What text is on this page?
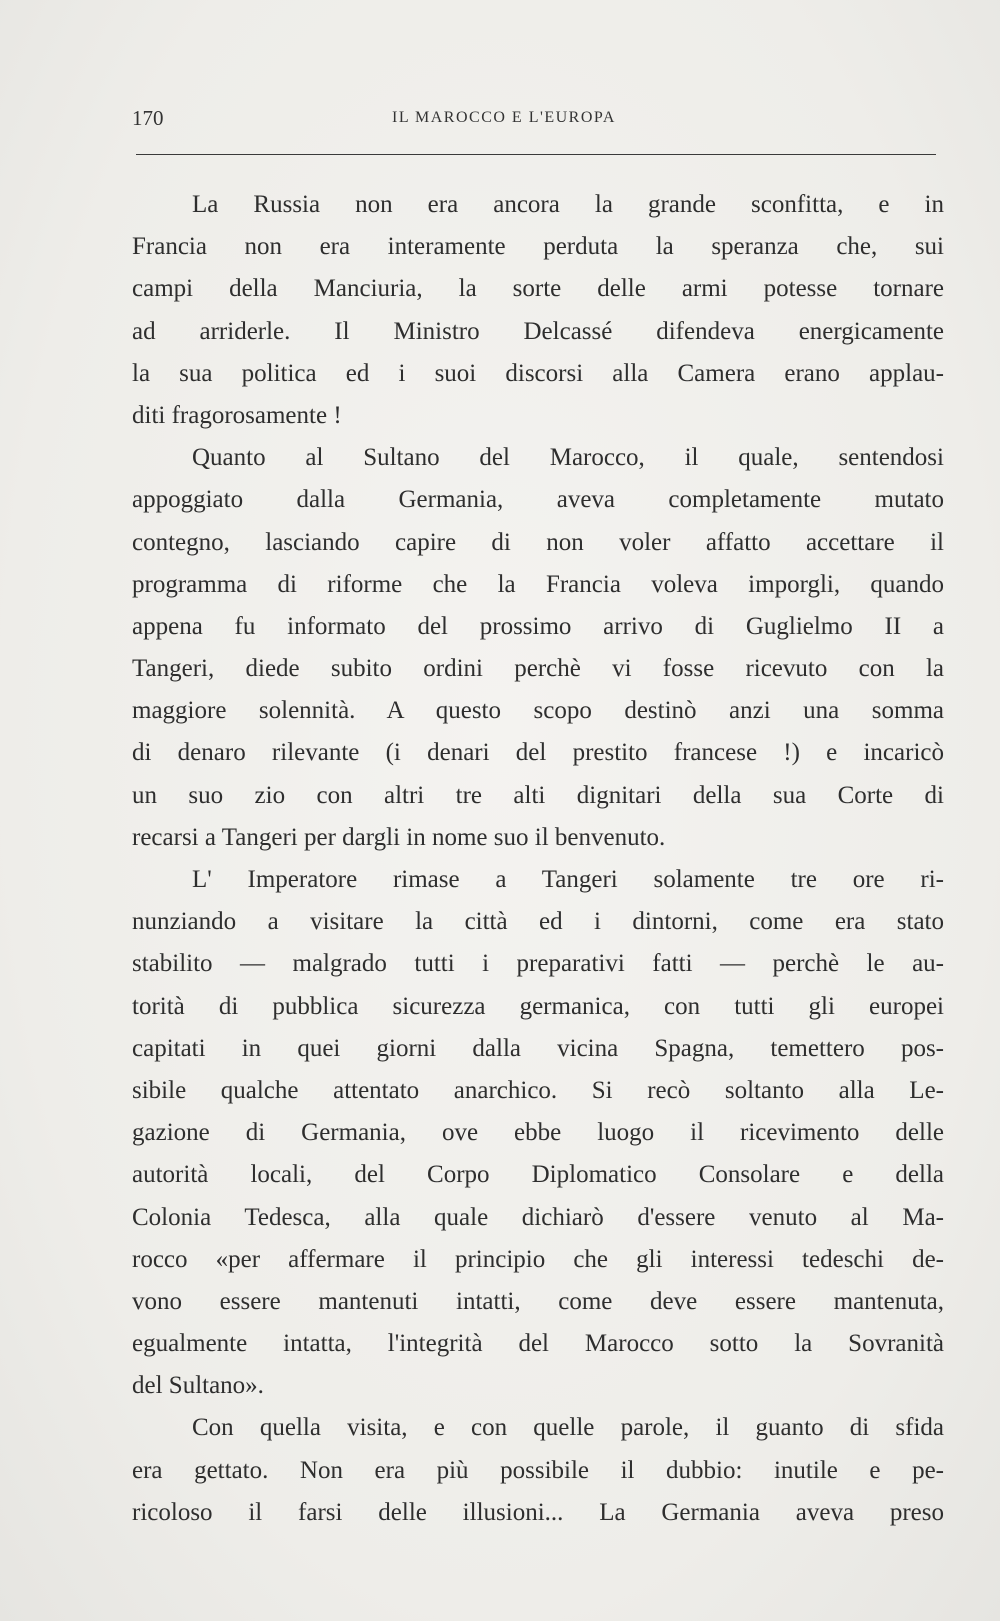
170	IL MAROCCO E L'EUROPA
La Russia non era ancora la grande sconfitta, e in
Francia non era interamente perduta la speranza che, sui
campi della Manciuria, la sorte delle armi potesse tornare
ad arriderle. Il Ministro Delcassé difendeva energicamente
la sua politica ed i suoi discorsi alla Camera erano applau-
diti fragorosamente !
Quanto al Sultano del Marocco, il quale, sentendosi
appoggiato dalla Germania, aveva completamente mutato
contegno, lasciando capire di non voler affatto accettare il
programma di riforme che la Francia voleva imporgli, quando
appena fu informato del prossimo arrivo di Guglielmo II a
Tangeri, diede subito ordini perchè vi fosse ricevuto con la
maggiore solennità. A questo scopo destinò anzi una somma
di denaro rilevante (i denari del prestito francese !) e incaricò
un suo zio con altri tre alti dignitari della sua Corte di
recarsi a Tangeri per dargli in nome suo il benvenuto.
L' Imperatore rimase a Tangeri solamente tre ore ri-
nunziando a visitare la città ed i dintorni, come era stato
stabilito — malgrado tutti i preparativi fatti — perchè le au-
torità di pubblica sicurezza germanica, con tutti gli europei
capitati in quei giorni dalla vicina Spagna, temettero pos-
sibile qualche attentato anarchico. Si recò soltanto alla Le-
gazione di Germania, ove ebbe luogo il ricevimento delle
autorità locali, del Corpo Diplomatico Consolare e della
Colonia Tedesca, alla quale dichiarò d'essere venuto al Ma-
rocco «per affermare il principio che gli interessi tedeschi de-
vono essere mantenuti intatti, come deve essere mantenuta,
egualmente intatta, l'integrità del Marocco sotto la Sovranità
del Sultano».
Con quella visita, e con quelle parole, il guanto di sfida
era gettato. Non era più possibile il dubbio: inutile e pe-
ricoloso il farsi delle illusioni... La Germania aveva preso
